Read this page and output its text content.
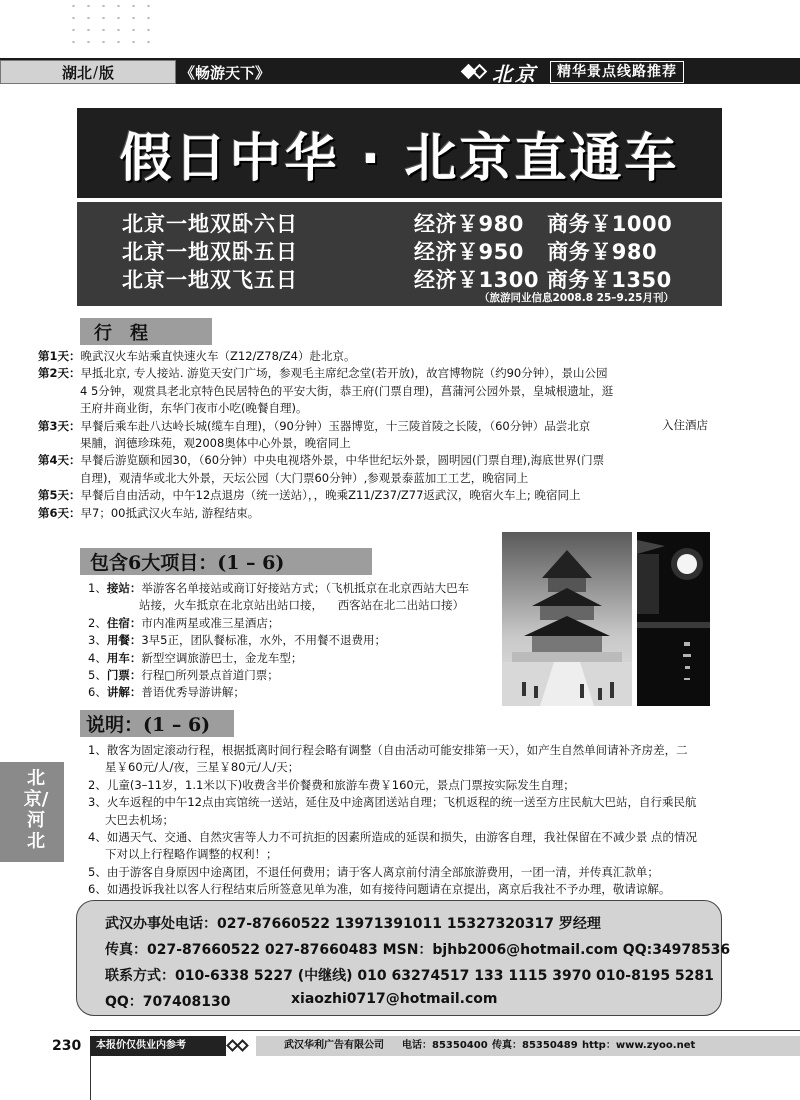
湖北 / 版	《畅游天下》	北京	精华景点线路推荐
假日中华 · 北京直通车
北京一地双卧六日	经济￥980   商务￥1000
北京一地双卧五日	经济￥950   商务￥980
北京一地双飞五日	经济￥1300 商务￥1350
（旅游同业信息2008.8 25–9.25月刊）
行程
第1天：晚武汉火车站乘直快速火车（Z12/Z78/Z4）赴北京。
第2天：早抵北京, 专人接站. 游览天安门广场，参观毛主席纪念堂(若开放)，故宫博物院（约90分钟），景山公园
4 5分钟，观赏具老北京特色民居特色的平安大街，恭王府(门票自理)，菖蒲河公园外景，皇城根遗址，逛
王府井商业街，东华门夜市小吃(晚餐自理)。
入住酒店

第3天：早餐后乘车赴八达岭长城(缆车自理)，（90分钟）玉器博览，十三陵首陵之长陵，（60分钟）品尝北京
果脯，润德珍珠苑，观2008奥体中心外景，晚宿同上
第4天：早餐后游览颐和园30，（60分钟）中央电视塔外景，中华世纪坛外景，圆明园(门票自理),海底世界(门票
自理)，观清华或北大外景，天坛公园（大门票60分钟）,参观景泰蓝加工工艺，晚宿同上
第5天：早餐后自由活动，中午12点退房（统一送站），，晚乘Z11/Z37/Z77返武汉，晚宿火车上; 晚宿同上
第6天：早7；00抵武汉火车站, 游程结束。
包含6大项目：(1 – 6)
1、接站：举游客名单接站或商订好接站方式；（飞机抵京在北京西站大巴车
站接，火车抵京在北京站出站口接，    西客站在北二出站口接）
2、住宿：市内准两星或准三星酒店；
3、用餐：3早5正，团队餐标准，水外，不用餐不退费用；
4、用车：新型空调旅游巴士，金龙车型；
5、门票：行程□所列景点首道门票；
6、讲解：普语优秀导游讲解；
说明：(1 – 6)
1、散客为固定滚动行程，根据抵离时间行程会略有调整（自由活动可能安排第一天），如产生自然单间请补齐房差，二
星￥60元/人/夜，三星￥80元/人/天；
2、儿童(3–11岁，1.1米以下)收费含半价餐费和旅游车费￥160元，景点门票按实际发生自理；
3、火车返程的中午12点由宾馆统一送站，延住及中途离团送站自理；飞机返程的统一送至方庄民航大巴站，自行乘民航
大巴去机场；
4、如遇天气、交通、自然灾害等人力不可抗拒的因素所造成的延误和损失，由游客自理，我社保留在不减少景 点的情况
下对以上行程略作调整的权利！；
5、由于游客自身原因中途离团，不退任何费用；请于客人离京前付清全部旅游费用，一团一清，并传真汇款单；
6、如遇投诉我社以客人行程结束后所签意见单为准，如有接待问题请在京提出，离京后我社不予办理，敬请谅解。
北
京/
河
北
武汉办事处电话：027-87660522 13971391011 15327320317 罗经理
传真：027-87660522 027-87660483 MSN：bjhb2006@hotmail.com QQ:34978536
联系方式：010-6338 5227 (中继线) 010 63274517 133 1115 3970 010-8195 5281
QQ：707408130	xiaozhi0717@hotmail.com
230	本报价仅供业内参考	武汉华利广告有限公司 电话：85350400 传真：85350489 http：www.zyoo.net
